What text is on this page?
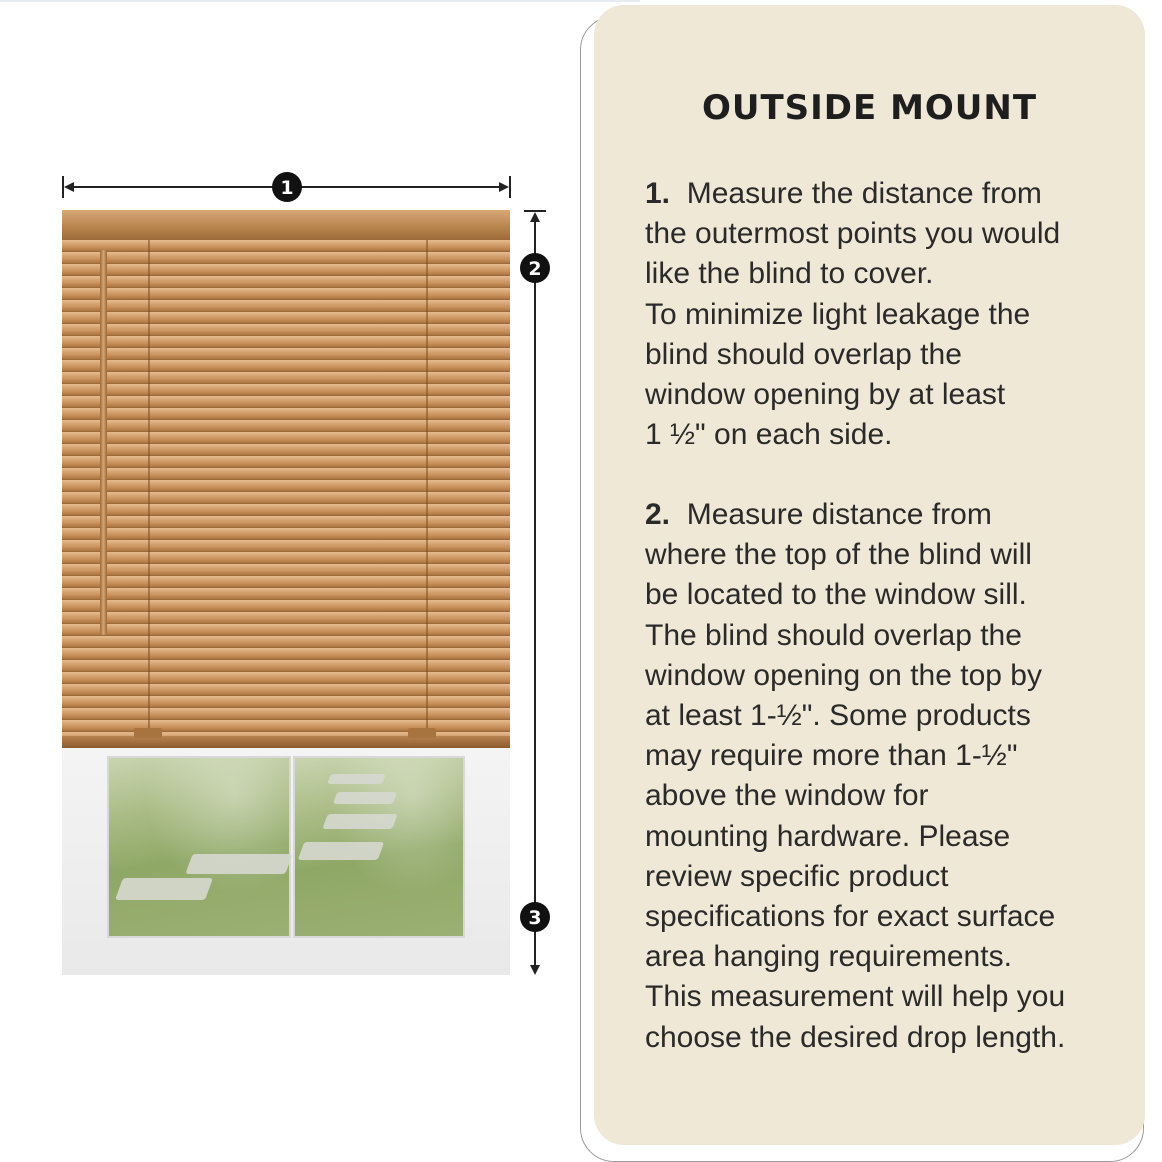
1
2
3
OUTSIDE MOUNT
1. Measure the distance from
the outermost points you would
like the blind to cover.
To minimize light leakage the
blind should overlap the
window opening by at least
1 ½" on each side.
2. Measure distance from
where the top of the blind will
be located to the window sill.
The blind should overlap the
window opening on the top by
at least 1-½". Some products
may require more than 1-½"
above the window for
mounting hardware. Please
review specific product
specifications for exact surface
area hanging requirements.
This measurement will help you
choose the desired drop length.
